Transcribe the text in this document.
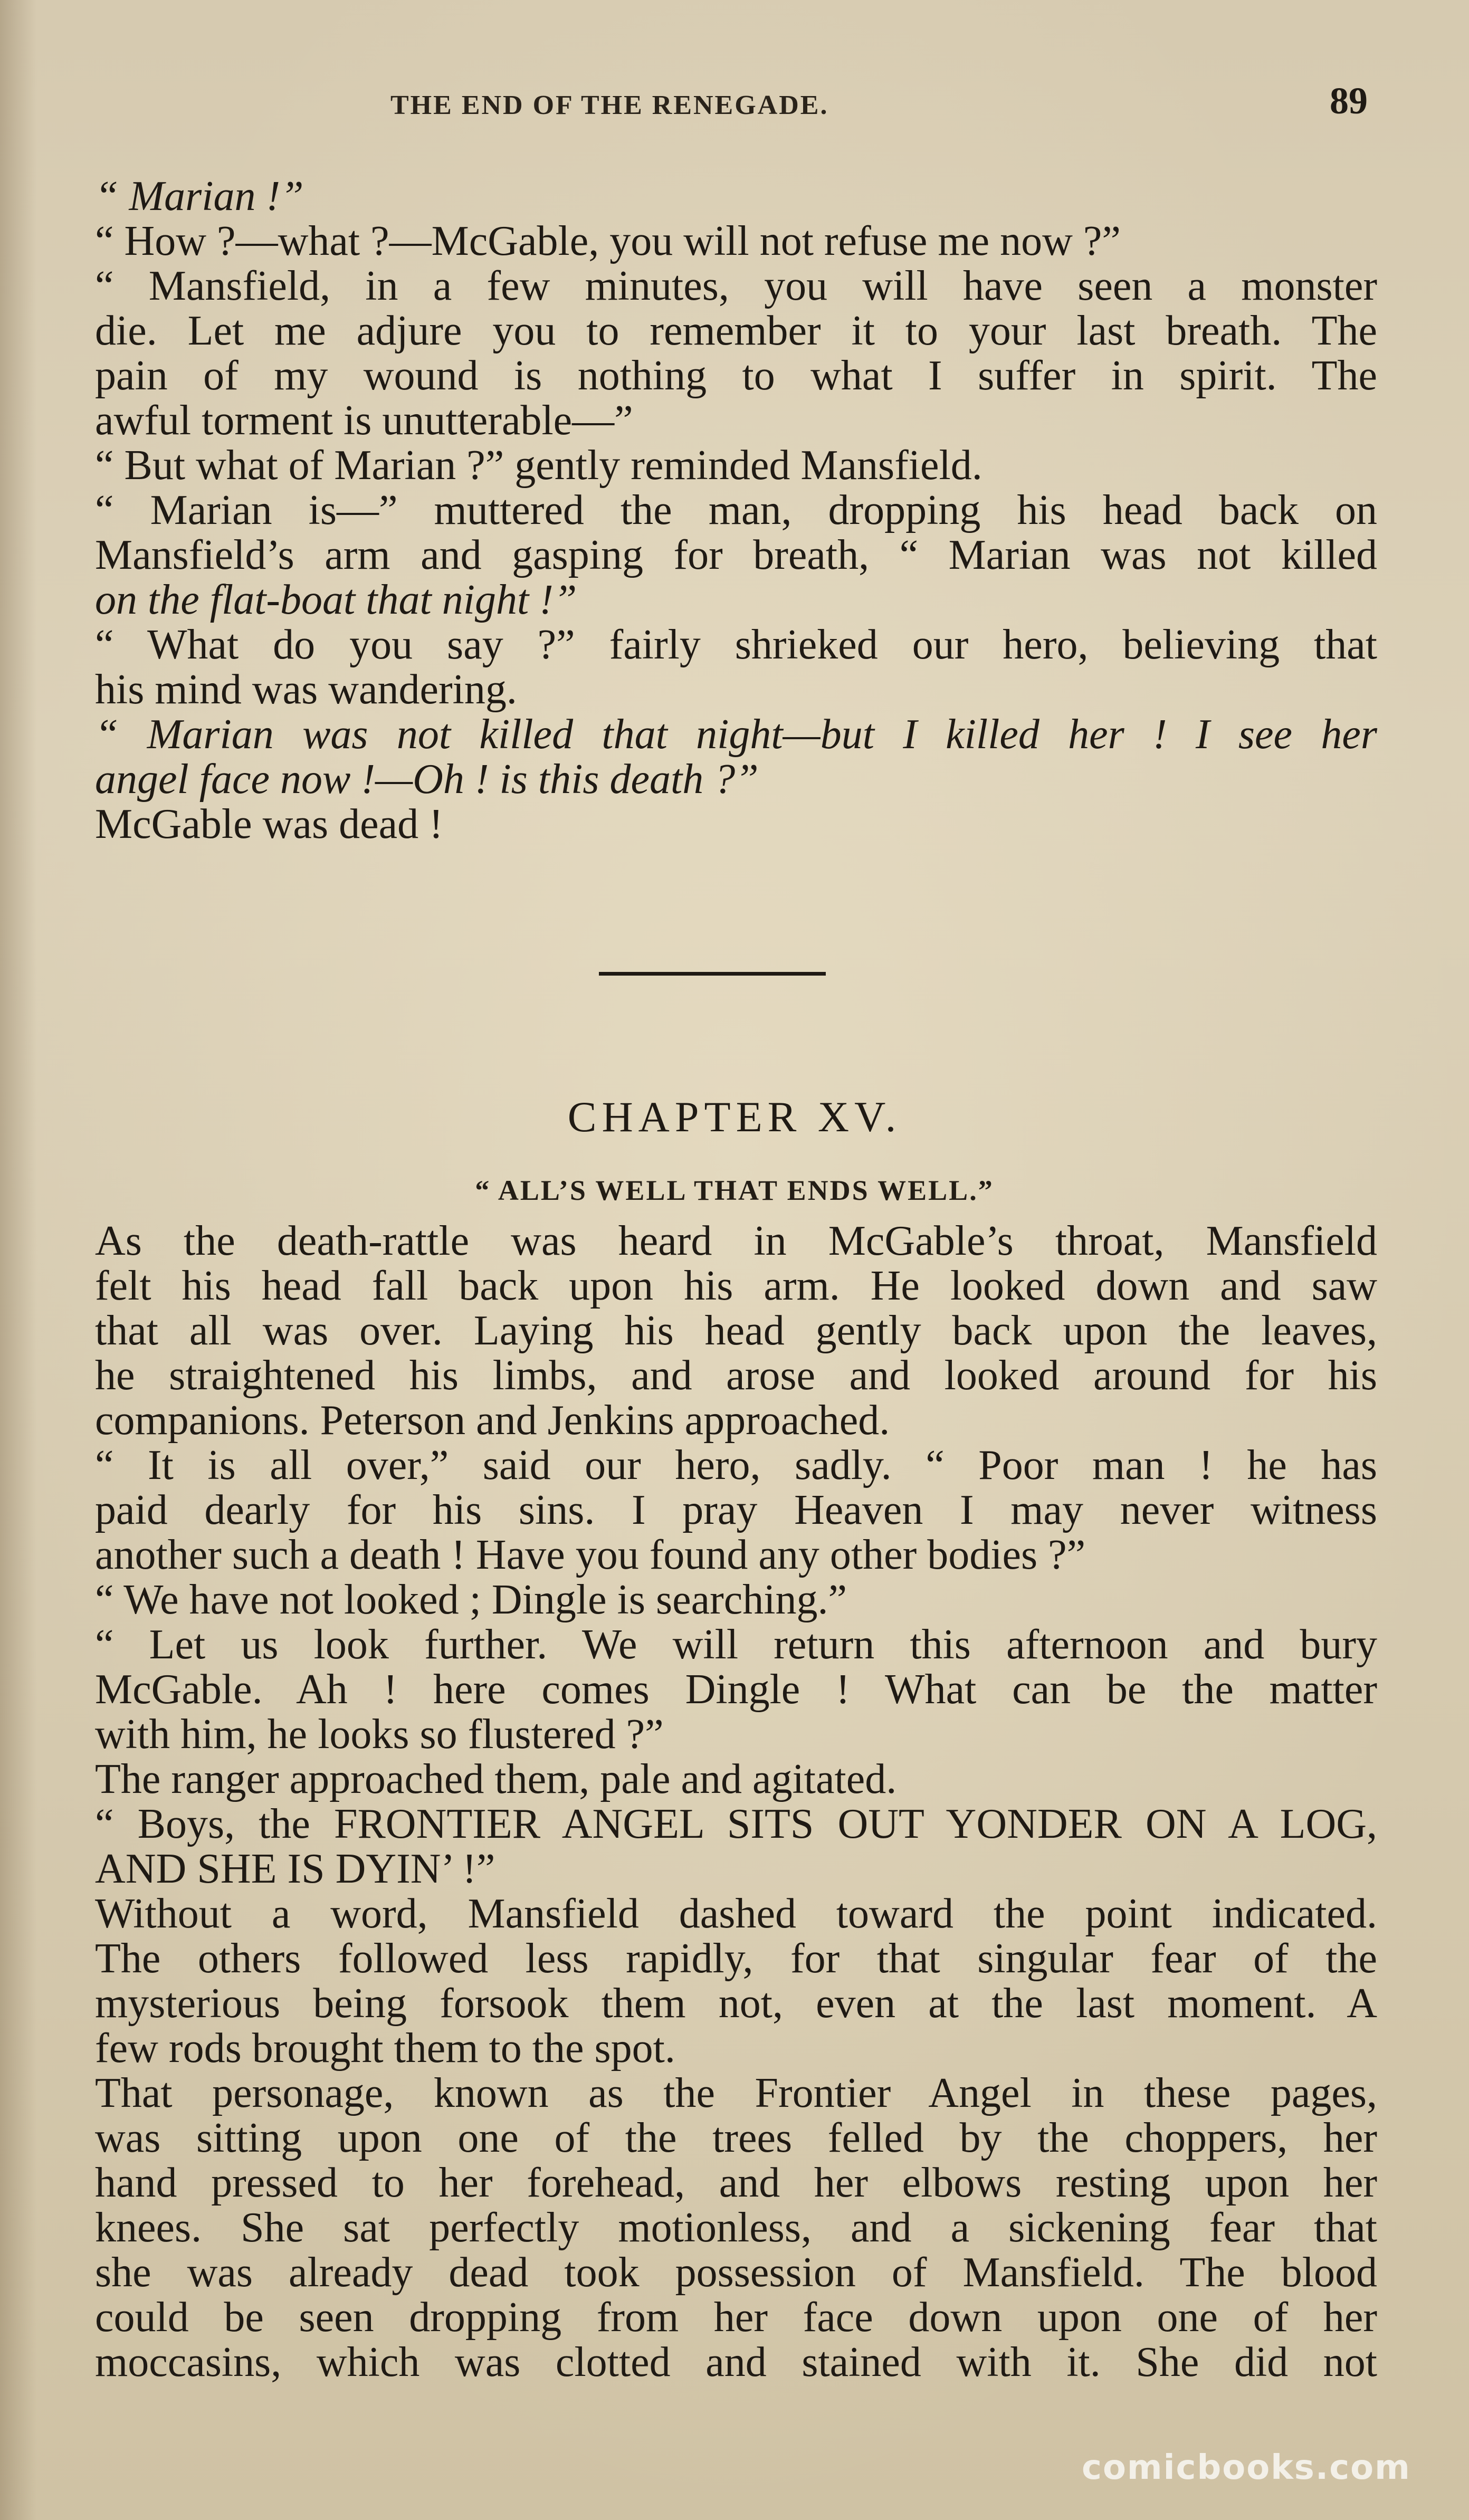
THE END OF THE RENEGADE.	89
“ Marian !”
“ How ?—what ?—McGable, you will not refuse me now ?”
“ Mansfield, in a few minutes, you will have seen a monster
die. Let me adjure you to remember it to your last breath. The
pain of my wound is nothing to what I suffer in spirit. The
awful torment is unutterable—”
“ But what of Marian ?” gently reminded Mansfield.
“ Marian is—” muttered the man, dropping his head back on
Mansfield’s arm and gasping for breath, “ Marian was not killed
on the flat-boat that night !”
“ What do you say ?” fairly shrieked our hero, believing that
his mind was wandering.
“ Marian was not killed that night—but I killed her ! I see her
angel face now !—Oh ! is this death ?”
McGable was dead !
CHAPTER XV.
“ ALL’S WELL THAT ENDS WELL.”
As the death-rattle was heard in McGable’s throat, Mansfield
felt his head fall back upon his arm. He looked down and saw
that all was over. Laying his head gently back upon the leaves,
he straightened his limbs, and arose and looked around for his
companions. Peterson and Jenkins approached.
“ It is all over,” said our hero, sadly. “ Poor man ! he has
paid dearly for his sins. I pray Heaven I may never witness
another such a death ! Have you found any other bodies ?”
“ We have not looked ; Dingle is searching.”
“ Let us look further. We will return this afternoon and bury
McGable. Ah ! here comes Dingle ! What can be the matter
with him, he looks so flustered ?”
The ranger approached them, pale and agitated.
“ Boys, the FRONTIER ANGEL SITS OUT YONDER ON A LOG,
AND SHE IS DYIN’ !”
Without a word, Mansfield dashed toward the point indicated.
The others followed less rapidly, for that singular fear of the
mysterious being forsook them not, even at the last moment. A
few rods brought them to the spot.
That personage, known as the Frontier Angel in these pages,
was sitting upon one of the trees felled by the choppers, her
hand pressed to her forehead, and her elbows resting upon her
knees. She sat perfectly motionless, and a sickening fear that
she was already dead took possession of Mansfield. The blood
could be seen dropping from her face down upon one of her
moccasins, which was clotted and stained with it. She did not
comicbooks.com
